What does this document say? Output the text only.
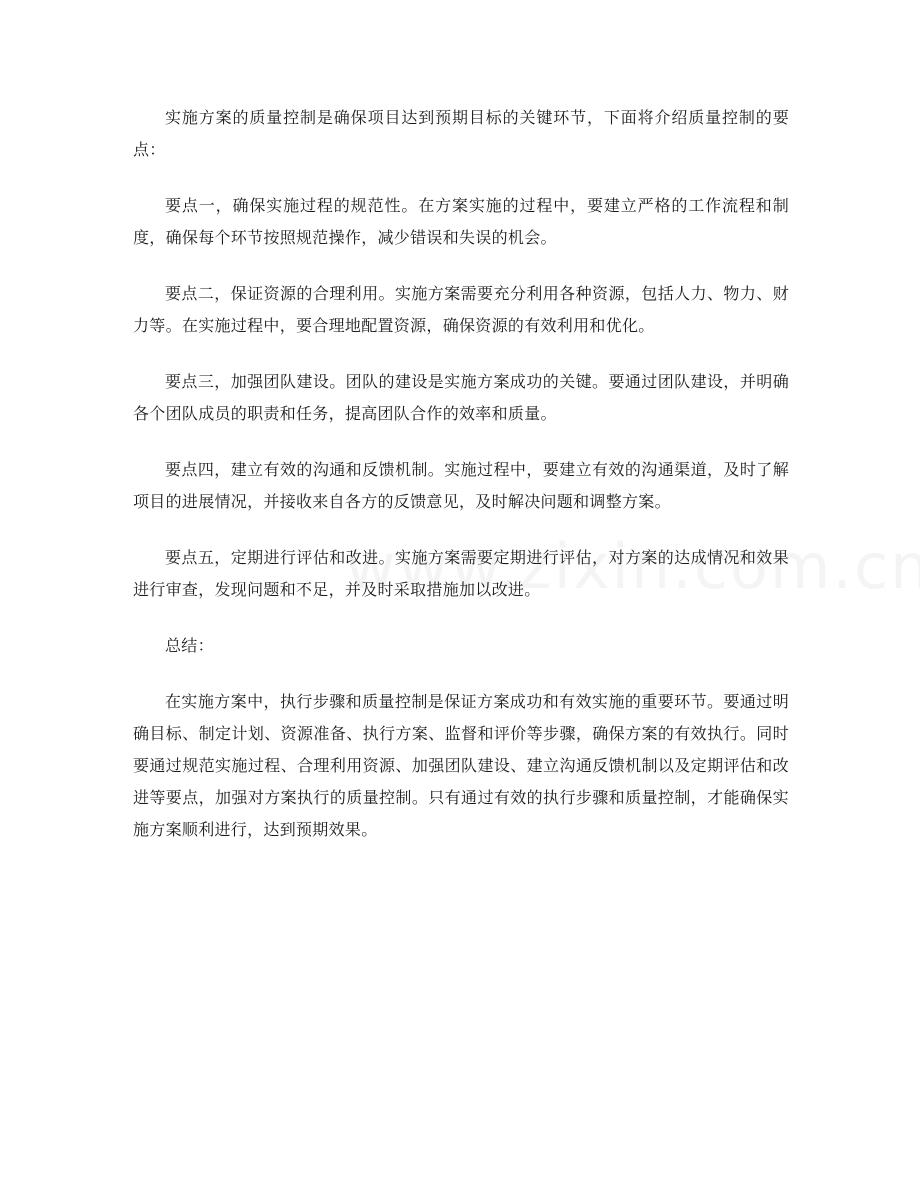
实施方案的质量控制是确保项目达到预期目标的关键环节，下面将介绍质量控制的要点：

要点一，确保实施过程的规范性。在方案实施的过程中，要建立严格的工作流程和制度，确保每个环节按照规范操作，减少错误和失误的机会。

要点二，保证资源的合理利用。实施方案需要充分利用各种资源，包括人力、物力、财力等。在实施过程中，要合理地配置资源，确保资源的有效利用和优化。

要点三，加强团队建设。团队的建设是实施方案成功的关键。要通过团队建设，并明确各个团队成员的职责和任务，提高团队合作的效率和质量。

要点四，建立有效的沟通和反馈机制。实施过程中，要建立有效的沟通渠道，及时了解项目的进展情况，并接收来自各方的反馈意见，及时解决问题和调整方案。

要点五，定期进行评估和改进。实施方案需要定期进行评估，对方案的达成情况和效果进行审查，发现问题和不足，并及时采取措施加以改进。

总结：

在实施方案中，执行步骤和质量控制是保证方案成功和有效实施的重要环节。要通过明确目标、制定计划、资源准备、执行方案、监督和评价等步骤，确保方案的有效执行。同时要通过规范实施过程、合理利用资源、加强团队建设、建立沟通反馈机制以及定期评估和改进等要点，加强对方案执行的质量控制。只有通过有效的执行步骤和质量控制，才能确保实施方案顺利进行，达到预期效果。
